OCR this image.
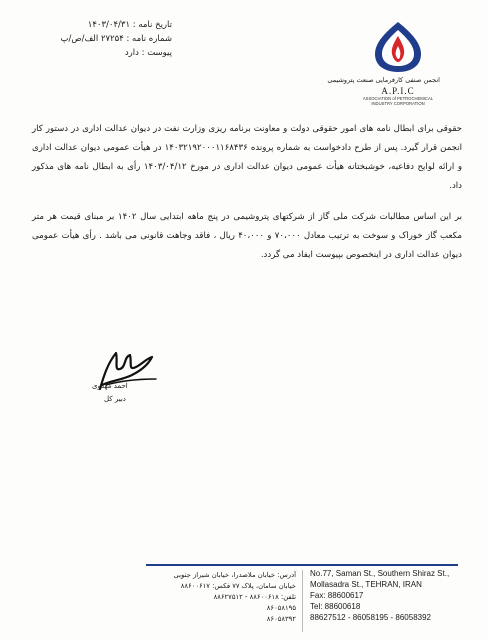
تاریخ نامه : ۱۴۰۳/۰۴/۳۱
شماره نامه : ۲۷۲۵۴ الف/ص/پ
پیوست : دارد
انجمن صنفی کارفرمایی صنعت پتروشیمی
A.P.I.C
ASSOCIATION of PETROCHEMICAL
INDUSTRY CORPORATION

حقوقی برای ابطال نامه های امور حقوقی دولت و معاونت برنامه ریزی وزارت نفت در دیوان عدالت اداری در دستور کار انجمن قرار گیرد. پس از طرح دادخواست به شماره پرونده ۱۴۰۳۲۱۹۲۰۰۰۱۱۶۸۴۳۶ در هیأت عمومی دیوان عدالت اداری و ارائه لوایح دفاعیه، خوشبختانه هیأت عمومی دیوان عدالت اداری در مورخ ۱۴۰۳/۰۴/۱۲ رأی به ابطال نامه های مذکور داد.

بر این اساس مطالبات شرکت ملی گاز از شرکتهای پتروشیمی در پنج ماهه ابتدایی سال ۱۴۰۲ بر مبنای قیمت هر متر مکعب گاز خوراک و سوخت به ترتیب معادل ۷۰،۰۰۰ و ۴۰،۰۰۰ ریال ، فاقد وجاهت قانونی می باشد . رأی هیأت عمومی دیوان عدالت اداری در اینخصوص بپیوست ایفاد می گردد.

احمد مهدوی
دبیر کل
آدرس: خیابان ملاصدرا، خیابان شیراز جنوبی
خیابان سامان، پلاک ۷۷ فکس: ۸۸۶۰۰۶۱۷
تلفن: ۸۸۶۰۰۶۱۸ - ۸۸۶۲۷۵۱۲
۸۶۰۵۸۱۹۵
۸۶۰۵۸۳۹۲
No.77, Saman St., Southern Shiraz St.,
Mollasadra St., TEHRAN, IRAN
Fax: 88600617
Tel: 88600618
88627512 - 86058195 - 86058392
